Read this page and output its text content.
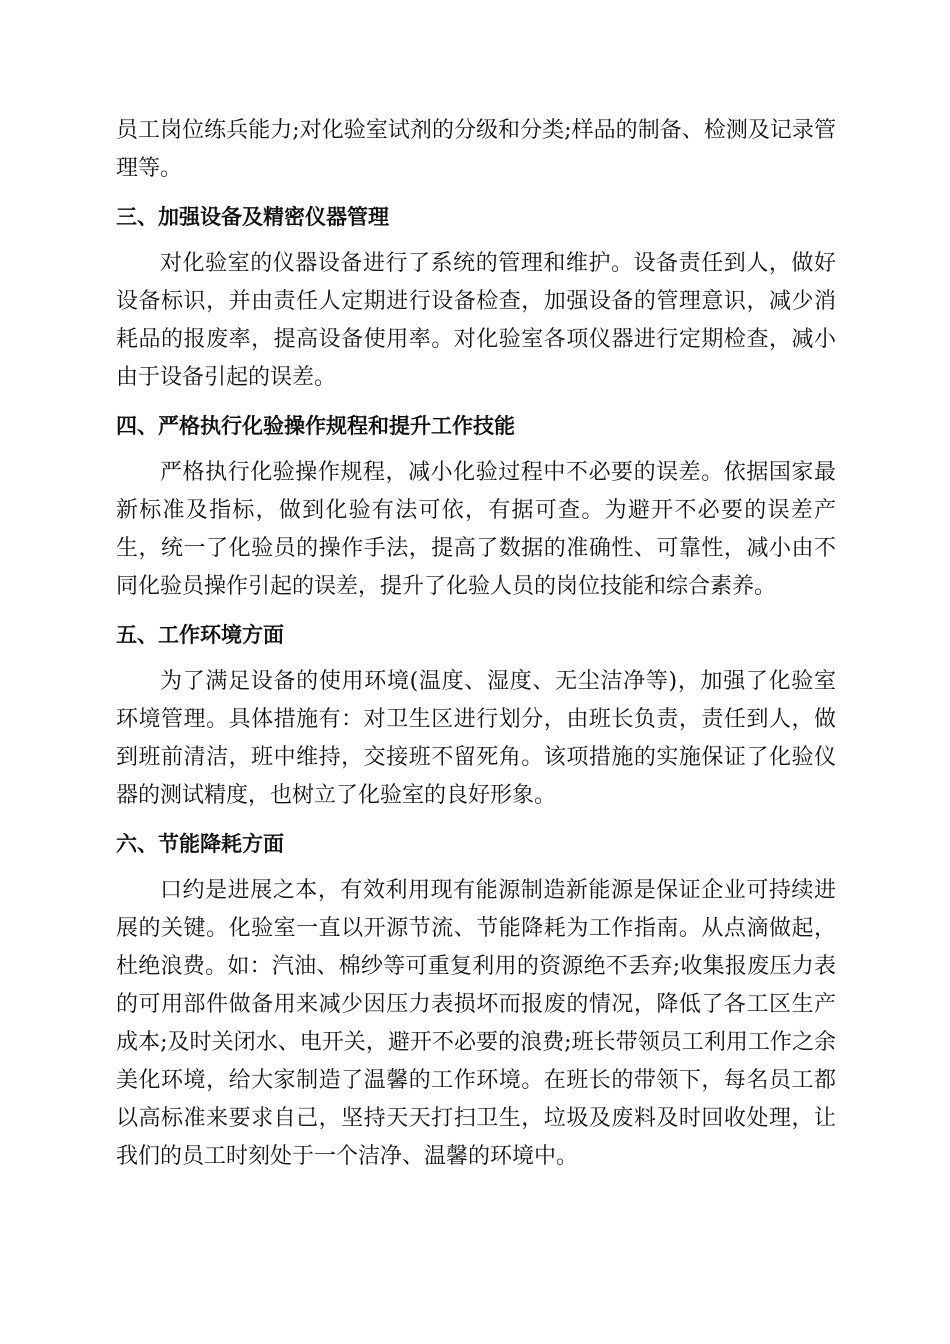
员工岗位练兵能力;对化验室试剂的分级和分类;样品的制备、检测及记录管理等。

三、加强设备及精密仪器管理

对化验室的仪器设备进行了系统的管理和维护。设备责任到人，做好设备标识，并由责任人定期进行设备检查，加强设备的管理意识，减少消耗品的报废率，提高设备使用率。对化验室各项仪器进行定期检查，减小由于设备引起的误差。

四、严格执行化验操作规程和提升工作技能

严格执行化验操作规程，减小化验过程中不必要的误差。依据国家最新标准及指标，做到化验有法可依，有据可查。为避开不必要的误差产生，统一了化验员的操作手法，提高了数据的准确性、可靠性，减小由不同化验员操作引起的误差，提升了化验人员的岗位技能和综合素养。

五、工作环境方面

为了满足设备的使用环境(温度、湿度、无尘洁净等)，加强了化验室环境管理。具体措施有：对卫生区进行划分，由班长负责，责任到人，做到班前清洁，班中维持，交接班不留死角。该项措施的实施保证了化验仪器的测试精度，也树立了化验室的良好形象。

六、节能降耗方面

口约是进展之本，有效利用现有能源制造新能源是保证企业可持续进展的关键。化验室一直以开源节流、节能降耗为工作指南。从点滴做起，杜绝浪费。如：汽油、棉纱等可重复利用的资源绝不丢弃;收集报废压力表的可用部件做备用来减少因压力表损坏而报废的情况，降低了各工区生产成本;及时关闭水、电开关，避开不必要的浪费;班长带领员工利用工作之余美化环境，给大家制造了温馨的工作环境。在班长的带领下，每名员工都以高标准来要求自己，坚持天天打扫卫生，垃圾及废料及时回收处理，让我们的员工时刻处于一个洁净、温馨的环境中。
